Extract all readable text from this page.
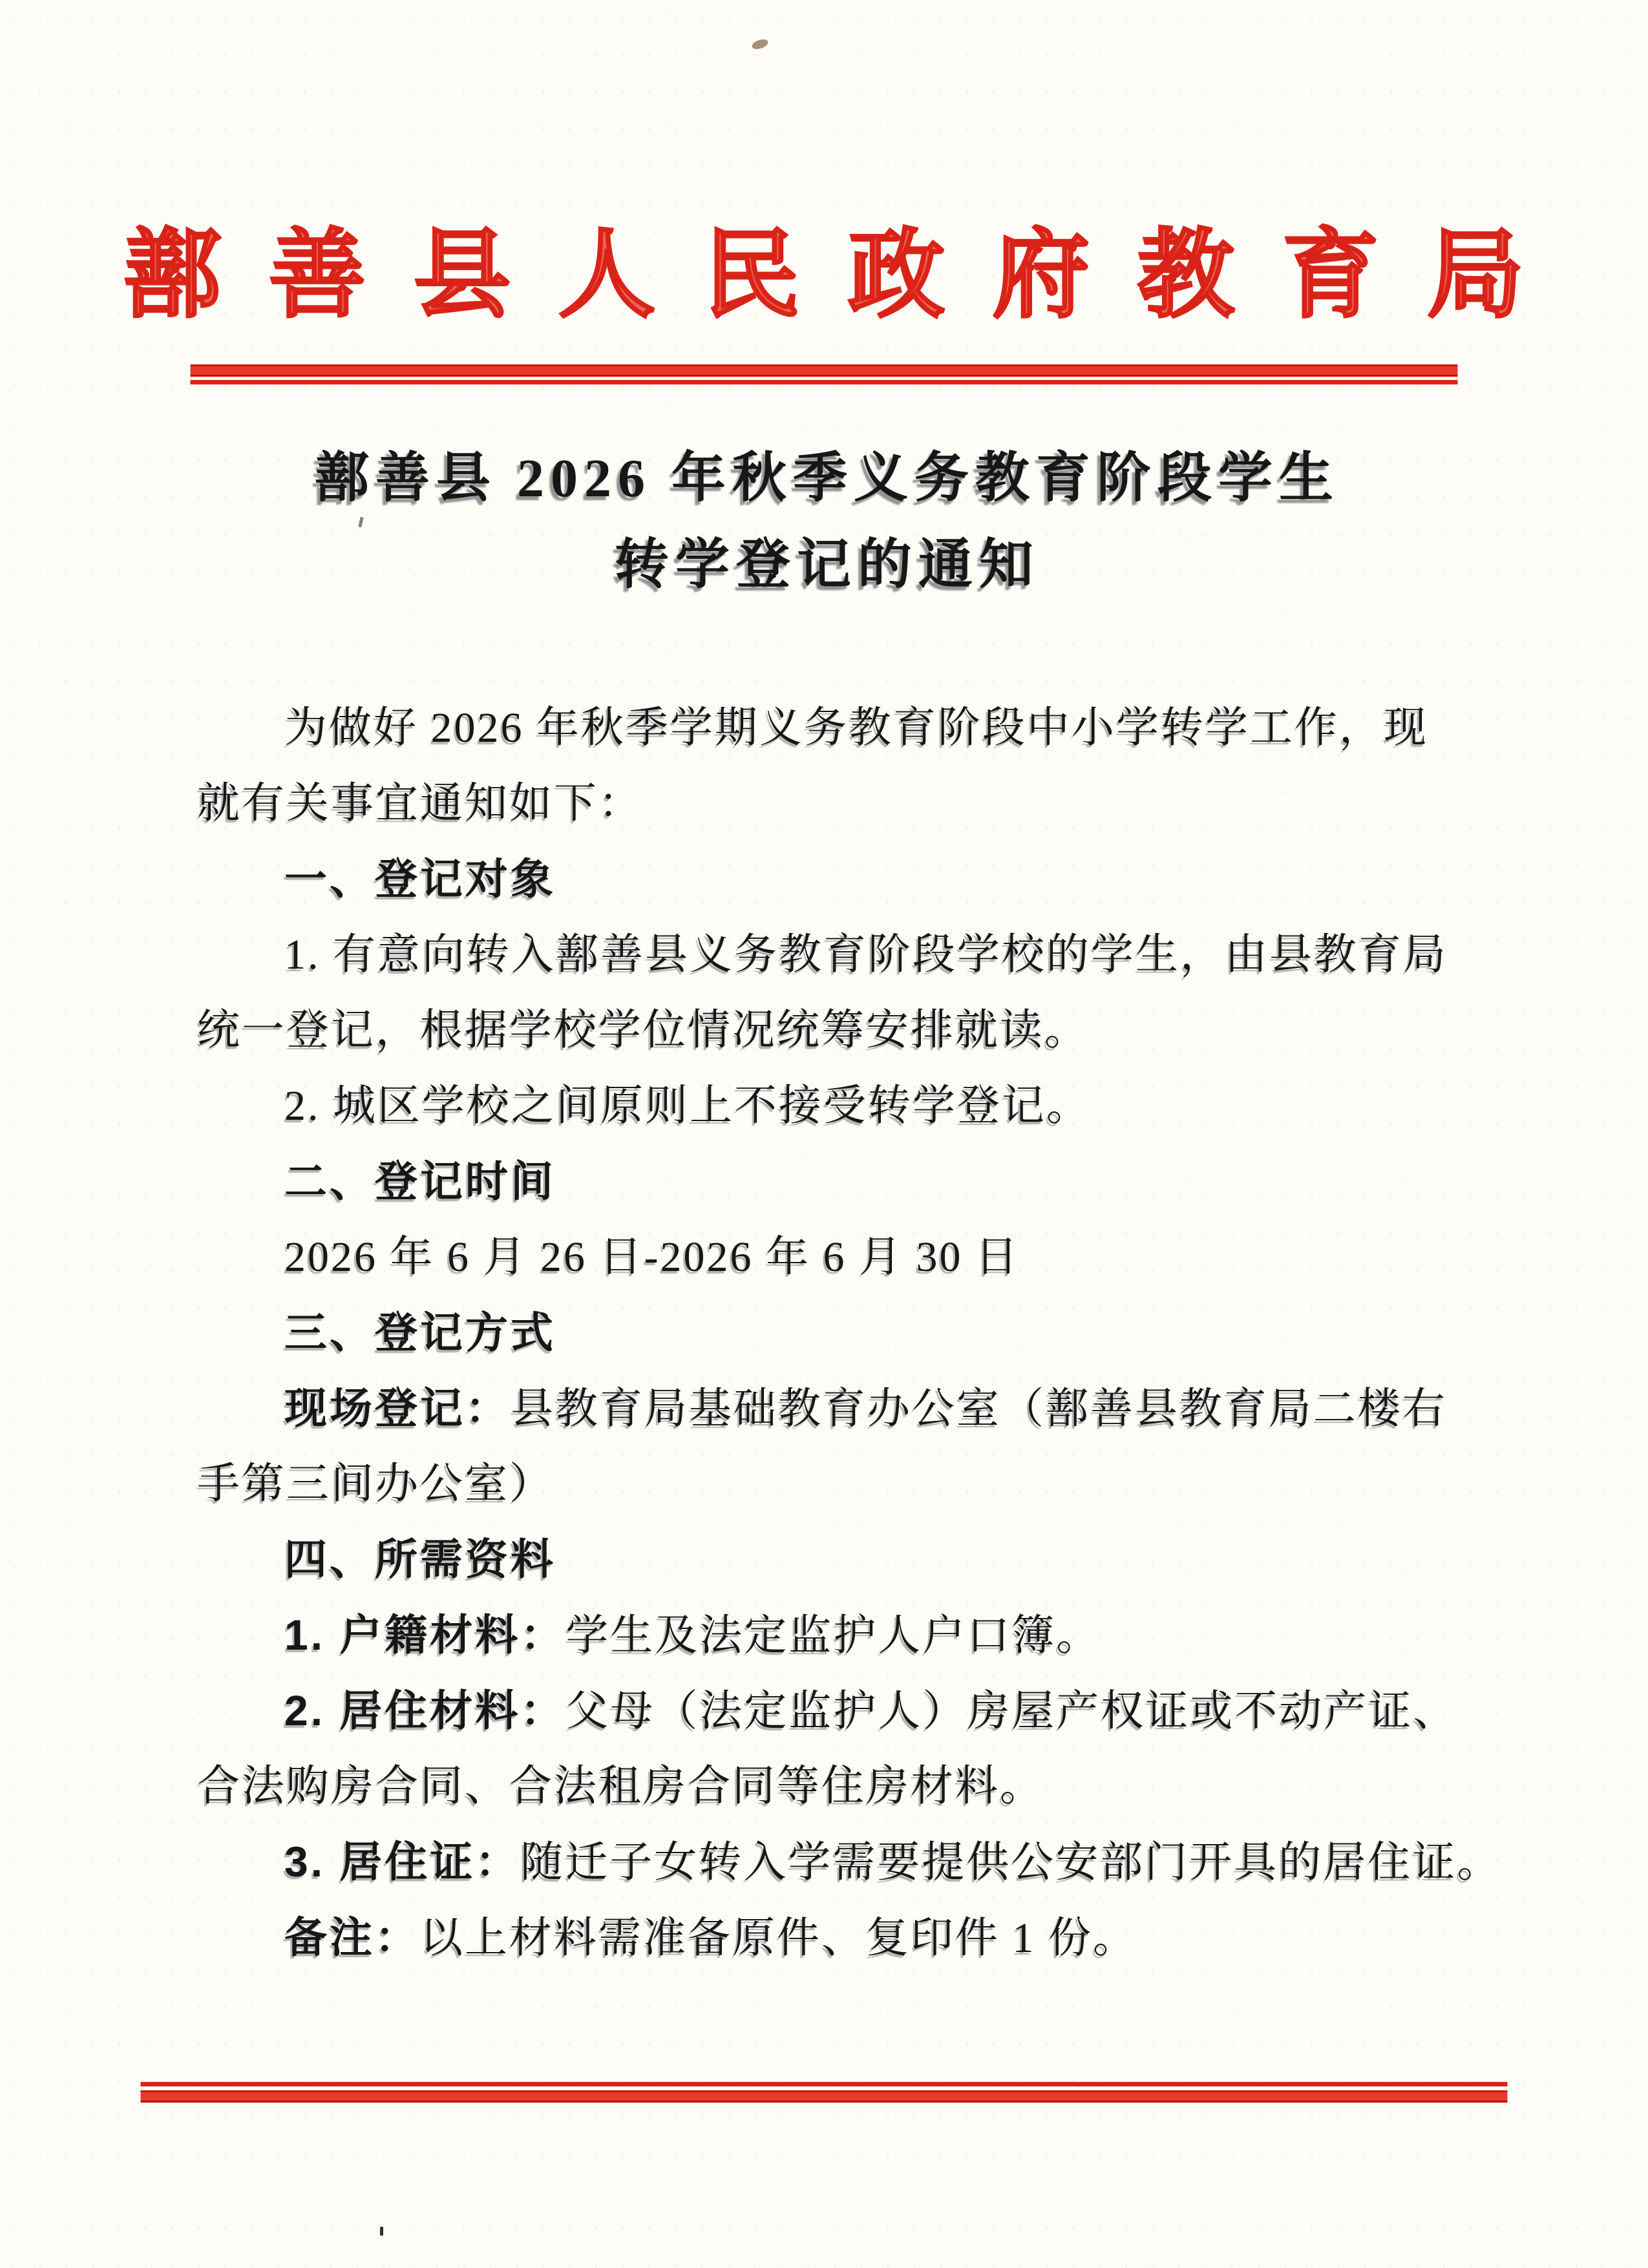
鄯善县人民政府教育局
鄯善县 2026 年秋季义务教育阶段学生
转学登记的通知
为做好 2026 年秋季学期义务教育阶段中小学转学工作，现
就有关事宜通知如下：
一、登记对象
1. 有意向转入鄯善县义务教育阶段学校的学生，由县教育局
统一登记，根据学校学位情况统筹安排就读。
2. 城区学校之间原则上不接受转学登记。
二、登记时间
2026 年 6 月 26 日-2026 年 6 月 30 日
三、登记方式
现场登记：县教育局基础教育办公室（鄯善县教育局二楼右
手第三间办公室）
四、所需资料
1. 户籍材料：学生及法定监护人户口簿。
2. 居住材料：父母（法定监护人）房屋产权证或不动产证、
合法购房合同、合法租房合同等住房材料。
3. 居住证：随迁子女转入学需要提供公安部门开具的居住证。
备注：以上材料需准备原件、复印件 1 份。
